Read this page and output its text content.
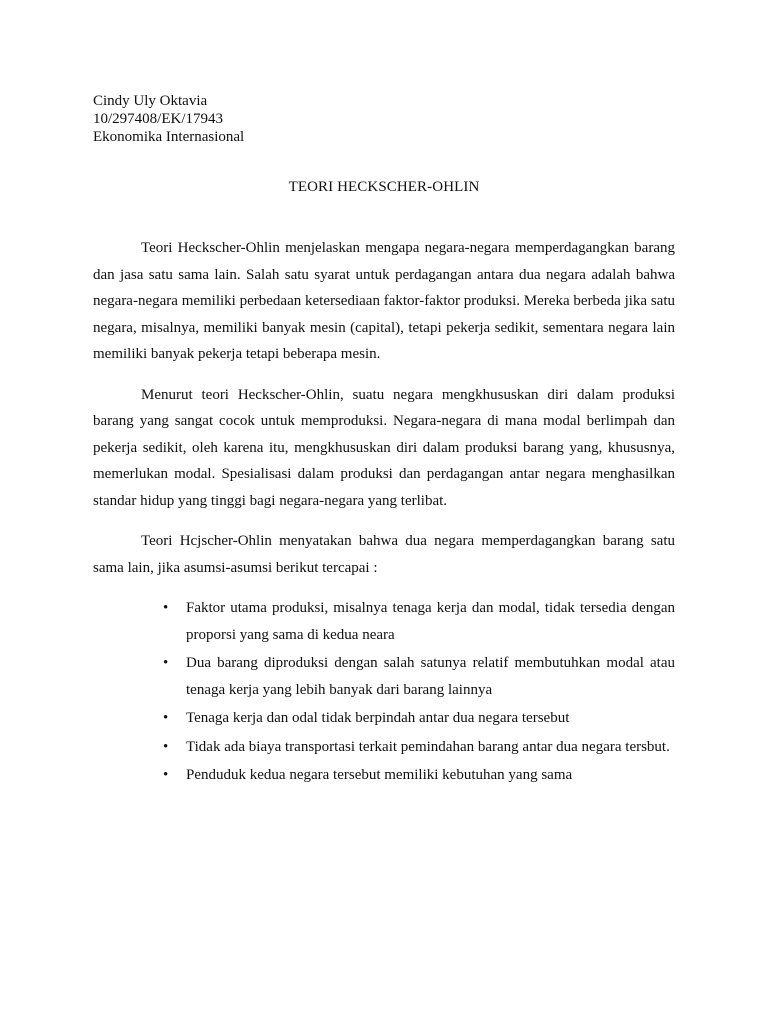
Cindy Uly Oktavia
10/297408/EK/17943
Ekonomika Internasional
TEORI HECKSCHER-OHLIN

Teori Heckscher-Ohlin menjelaskan mengapa negara-negara memperdagangkan barang dan jasa satu sama lain. Salah satu syarat untuk perdagangan antara dua negara adalah bahwa negara-negara memiliki perbedaan ketersediaan faktor-faktor produksi. Mereka berbeda jika satu negara, misalnya, memiliki banyak mesin (capital), tetapi pekerja sedikit, sementara negara lain memiliki banyak pekerja tetapi beberapa mesin.

Menurut teori Heckscher-Ohlin, suatu negara mengkhususkan diri dalam produksi barang yang sangat cocok untuk memproduksi. Negara-negara di mana modal berlimpah dan pekerja sedikit, oleh karena itu, mengkhususkan diri dalam produksi barang yang, khususnya, memerlukan modal. Spesialisasi dalam produksi dan perdagangan antar negara menghasilkan standar hidup yang tinggi bagi negara-negara yang terlibat.

Teori Hcjscher-Ohlin menyatakan bahwa dua negara memperdagangkan barang satu sama lain, jika asumsi-asumsi berikut tercapai :

• Faktor utama produksi, misalnya tenaga kerja dan modal, tidak tersedia dengan proporsi yang sama di kedua neara
• Dua barang diproduksi dengan salah satunya relatif membutuhkan modal atau tenaga kerja yang lebih banyak dari barang lainnya
• Tenaga kerja dan odal tidak berpindah antar dua negara tersebut
• Tidak ada biaya transportasi terkait pemindahan barang antar dua negara tersbut.
• Penduduk kedua negara tersebut memiliki kebutuhan yang sama
